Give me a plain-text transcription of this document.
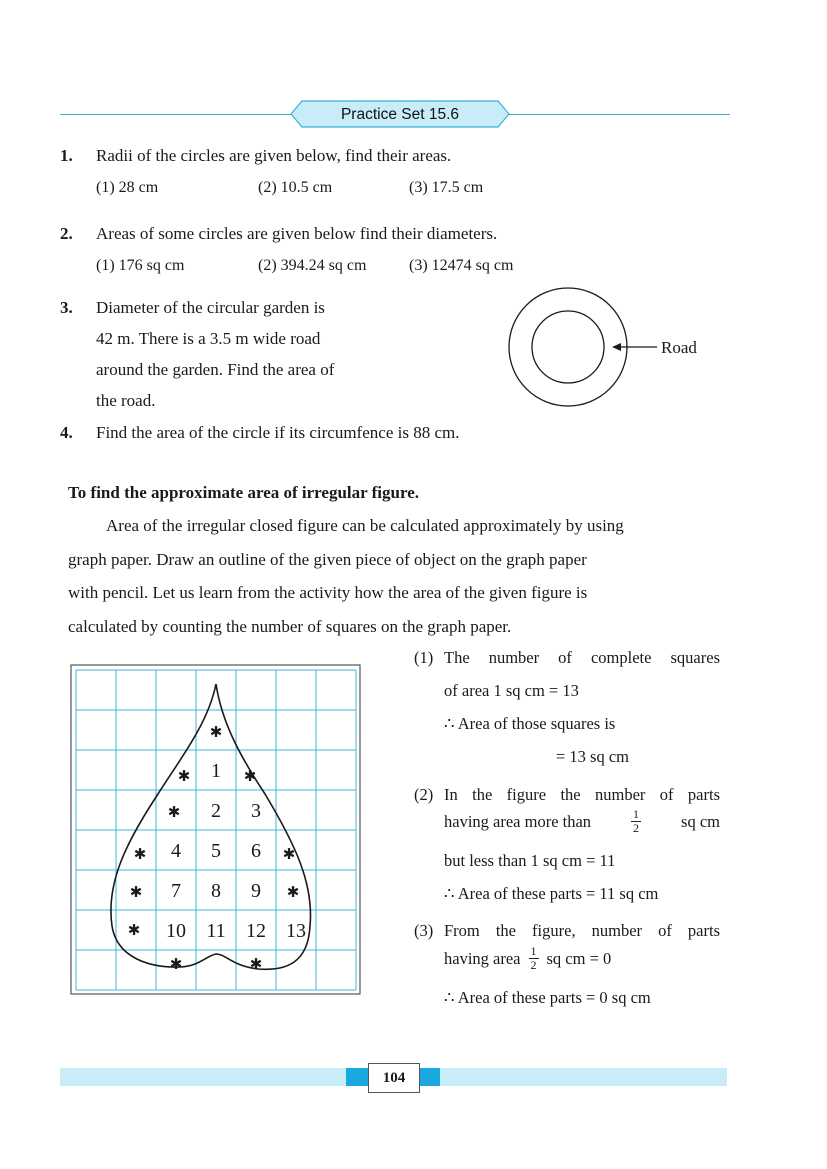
Practice Set 15.6
1. Radii of the circles are given below, find their areas.
(1) 28 cm	(2) 10.5 cm	(3) 17.5 cm
2. Areas of some circles are given below find their diameters.
(1) 176 sq cm	(2) 394.24 sq cm	(3) 12474 sq cm
3. Diameter of the circular garden is
42 m. There is a 3.5 m wide road
around the garden. Find the area of
the road.
Road
4. Find the area of the circle if its circumfence is 88 cm.
To find the approximate area of irregular figure.
Area of the irregular closed figure can be calculated approximately by using
graph paper. Draw an outline of the given piece of object on the graph paper
with pencil. Let us learn from the activity how the area of the given figure is
calculated by counting the number of squares on the graph paper.
1
2 3
4 5 6
7 8 9
10 11 12 13
✱
✱	✱
✱
✱	✱
✱	✱
✱
✱	✱
(1) The number of complete squares
of area 1 sq cm = 13
∴ Area of those squares is
= 13 sq cm
(2) In the figure the number of parts
having area more than	$\frac{1}{2}$ sq cm
but less than 1 sq cm = 11
∴ Area of these parts = 11 sq cm
(3) From the figure, number of parts
having area $\frac{1}{2}$ sq cm = 0
∴ Area of these parts = 0 sq cm
104
